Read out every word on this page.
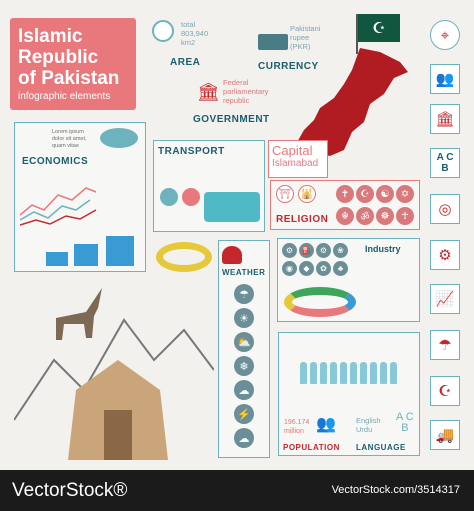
Islamic
Republic
of Pakistan
infographic elements
total
803,940
km2
AREA
Pakistani
rupee
(PKR)
CURRENCY
☪
🏛 Federal
parliamentary
republic
GOVERNMENT
Lorem ipsum
dolor sit amet,
quam vitae
ECONOMICS
TRANSPORT	Capital
Islamabad
⛩ 🕌	✝	☪	☯	✡
RELIGION	☬	ॐ	☸	☥
WEATHER
☂
☀
⛅
❄
☁
⚡
☁
⚙	⛽	⚙	❀
◉	◆	✿	♣
Industry
196.174
million 👥
POPULATION
English
Urdu
A C
B
LANGUAGE
⌖
👥
🏛
A C
B
◎
⚙
📈
☂
☪
🚚
VectorStock®	VectorStock.com/3514317
